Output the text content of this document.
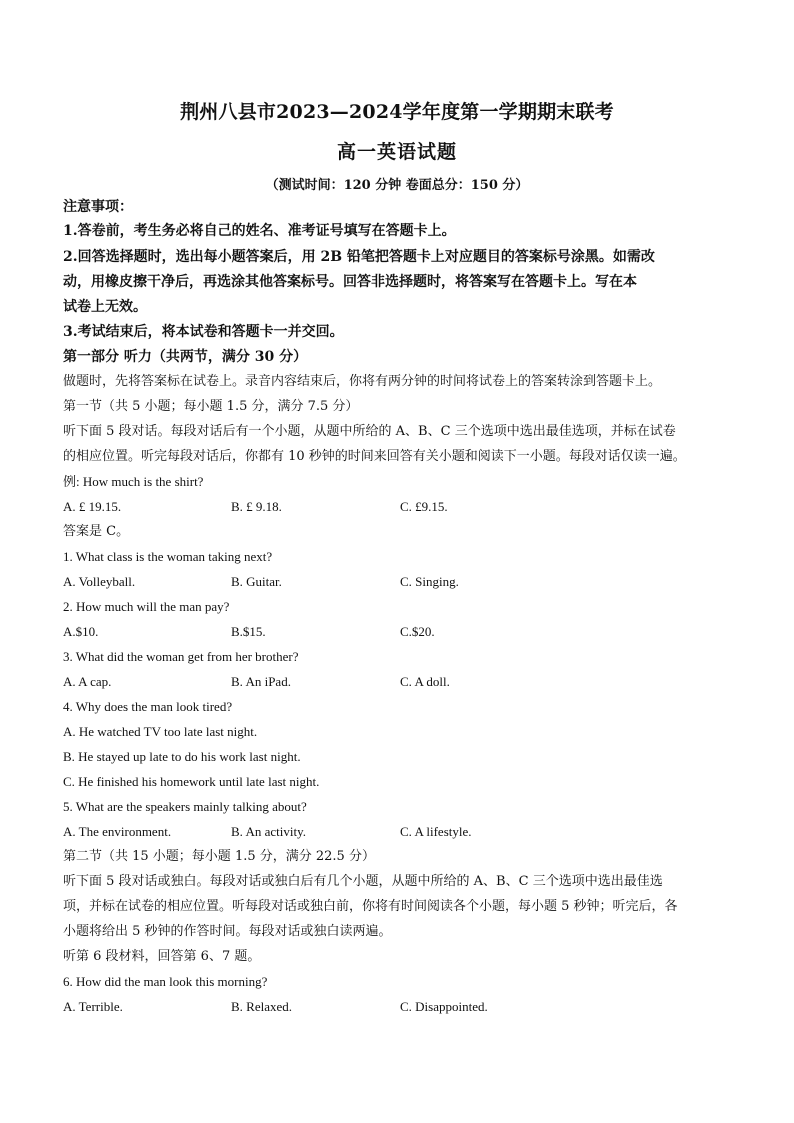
荆州八县市2023—2024学年度第一学期期末联考
高一英语试题
（测试时间：120 分钟 卷面总分：150 分）
注意事项：
1.答卷前，考生务必将自己的姓名、准考证号填写在答题卡上。
2.回答选择题时，选出每小题答案后，用 2B 铅笔把答题卡上对应题目的答案标号涂黑。如需改
动，用橡皮擦干净后，再选涂其他答案标号。回答非选择题时，将答案写在答题卡上。写在本
试卷上无效。
3.考试结束后，将本试卷和答题卡一并交回。
第一部分 听力（共两节，满分 30 分）
做题时，先将答案标在试卷上。录音内容结束后，你将有两分钟的时间将试卷上的答案转涂到答题卡上。
第一节（共 5 小题；每小题 1.5 分，满分 7.5 分）
听下面 5 段对话。每段对话后有一个小题，从题中所给的 A、B、C 三个选项中选出最佳选项，并标在试卷
的相应位置。听完每段对话后，你都有 10 秒钟的时间来回答有关小题和阅读下一小题。每段对话仅读一遍。
例: How much is the shirt?
A. £ 19.15.	B. £ 9.18.	C. £9.15.
答案是 C。
1. What class is the woman taking next?
A. Volleyball.	B. Guitar.	C. Singing.
2. How much will the man pay?
A.$10.	B.$15.	C.$20.
3. What did the woman get from her brother?
A. A cap.	B. An iPad.	C. A doll.
4. Why does the man look tired?
A. He watched TV too late last night.
B. He stayed up late to do his work last night.
C. He finished his homework until late last night.
5. What are the speakers mainly talking about?
A. The environment.	B. An activity.	C. A lifestyle.
第二节（共 15 小题；每小题 1.5 分，满分 22.5 分）
听下面 5 段对话或独白。每段对话或独白后有几个小题，从题中所给的 A、B、C 三个选项中选出最佳选
项，并标在试卷的相应位置。听每段对话或独白前，你将有时间阅读各个小题，每小题 5 秒钟；听完后，各
小题将给出 5 秒钟的作答时间。每段对话或独白读两遍。
听第 6 段材料，回答第 6、7 题。
6. How did the man look this morning?
A. Terrible.	B. Relaxed.	C. Disappointed.
